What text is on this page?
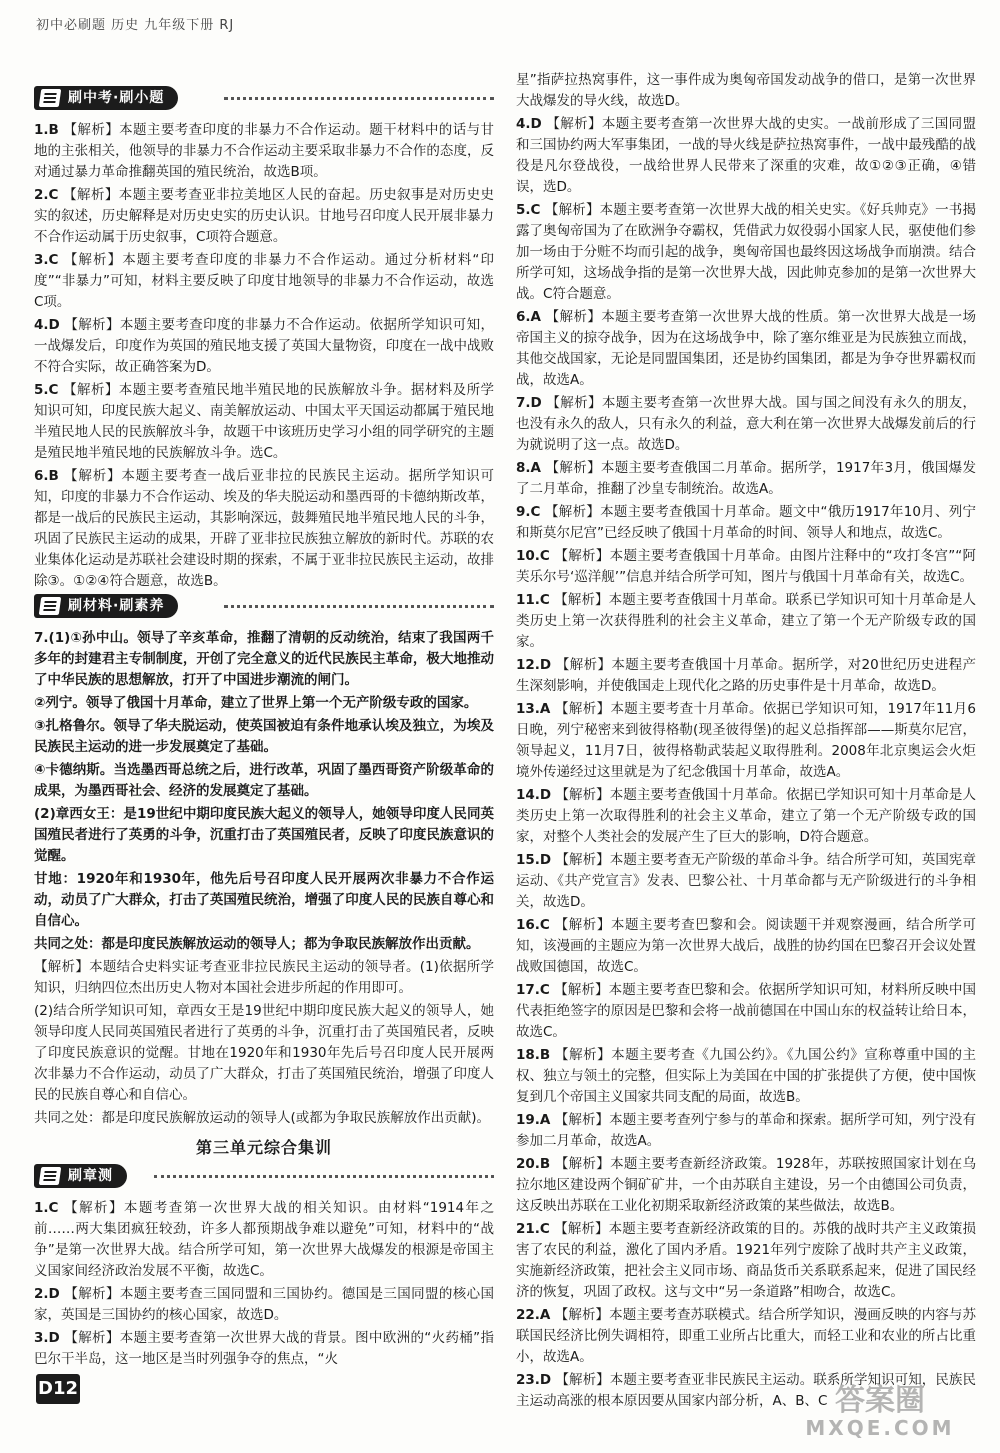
初中必刷题 历史 九年级下册 RJ
刷中考·刷小题
1.B 【解析】本题主要考查印度的非暴力不合作运动。题干材料中的话与甘地的主张相关，他领导的非暴力不合作运动主要采取非暴力不合作的态度，反对通过暴力革命推翻英国的殖民统治，故选B项。
2.C 【解析】本题主要考查亚非拉美地区人民的奋起。历史叙事是对历史史实的叙述，历史解释是对历史史实的历史认识。甘地号召印度人民开展非暴力不合作运动属于历史叙事，C项符合题意。
3.C 【解析】本题主要考查印度的非暴力不合作运动。通过分析材料“印度”“非暴力”可知，材料主要反映了印度甘地领导的非暴力不合作运动，故选C项。
4.D 【解析】本题主要考查印度的非暴力不合作运动。依据所学知识可知，一战爆发后，印度作为英国的殖民地支援了英国大量物资，印度在一战中战败不符合实际，故正确答案为D。
5.C 【解析】本题主要考查殖民地半殖民地的民族解放斗争。据材料及所学知识可知，印度民族大起义、南美解放运动、中国太平天国运动都属于殖民地半殖民地人民的民族解放斗争，故题干中该班历史学习小组的同学研究的主题是殖民地半殖民地的民族解放斗争。选C。
6.B 【解析】本题主要考查一战后亚非拉的民族民主运动。据所学知识可知，印度的非暴力不合作运动、埃及的华夫脱运动和墨西哥的卡德纳斯改革，都是一战后的民族民主运动，其影响深远，鼓舞殖民地半殖民地人民的斗争，巩固了民族民主运动的成果，开辟了亚非拉民族独立解放的新时代。苏联的农业集体化运动是苏联社会建设时期的探索，不属于亚非拉民族民主运动，故排除③。①②④符合题意，故选B。
刷材料·刷素养
7.(1)①孙中山。领导了辛亥革命，推翻了清朝的反动统治，结束了我国两千多年的封建君主专制制度，开创了完全意义的近代民族民主革命，极大地推动了中华民族的思想解放，打开了中国进步潮流的闸门。
②列宁。领导了俄国十月革命，建立了世界上第一个无产阶级专政的国家。
③扎格鲁尔。领导了华夫脱运动，使英国被迫有条件地承认埃及独立，为埃及民族民主运动的进一步发展奠定了基础。
④卡德纳斯。当选墨西哥总统之后，进行改革，巩固了墨西哥资产阶级革命的成果，为墨西哥社会、经济的发展奠定了基础。
(2)章西女王：是19世纪中期印度民族大起义的领导人，她领导印度人民同英国殖民者进行了英勇的斗争，沉重打击了英国殖民者，反映了印度民族意识的觉醒。
甘地：1920年和1930年，他先后号召印度人民开展两次非暴力不合作运动，动员了广大群众，打击了英国殖民统治，增强了印度人民的民族自尊心和自信心。
共同之处：都是印度民族解放运动的领导人；都为争取民族解放作出贡献。
【解析】本题结合史料实证考查亚非拉民族民主运动的领导者。(1)依据所学知识，归纳四位杰出历史人物对本国社会进步所起的作用即可。
(2)结合所学知识可知，章西女王是19世纪中期印度民族大起义的领导人，她领导印度人民同英国殖民者进行了英勇的斗争，沉重打击了英国殖民者，反映了印度民族意识的觉醒。甘地在1920年和1930年先后号召印度人民开展两次非暴力不合作运动，动员了广大群众，打击了英国殖民统治，增强了印度人民的民族自尊心和自信心。
共同之处：都是印度民族解放运动的领导人(或都为争取民族解放作出贡献)。
第三单元综合集训
刷章测
1.C 【解析】本题考查第一次世界大战的相关知识。由材料“1914年之前……两大集团疯狂较劲，许多人都预期战争难以避免”可知，材料中的“战争”是第一次世界大战。结合所学可知，第一次世界大战爆发的根源是帝国主义国家间经济政治发展不平衡，故选C。
2.D 【解析】本题主要考查三国同盟和三国协约。德国是三国同盟的核心国家，英国是三国协约的核心国家，故选D。
3.D 【解析】本题主要考查第一次世界大战的背景。图中欧洲的“火药桶”指巴尔干半岛，这一地区是当时列强争夺的焦点，“火
星”指萨拉热窝事件，这一事件成为奥匈帝国发动战争的借口，是第一次世界大战爆发的导火线，故选D。
4.D 【解析】本题主要考查第一次世界大战的史实。一战前形成了三国同盟和三国协约两大军事集团，一战的导火线是萨拉热窝事件，一战中最残酷的战役是凡尔登战役，一战给世界人民带来了深重的灾难，故①②③正确，④错误，选D。
5.C 【解析】本题主要考查第一次世界大战的相关史实。《好兵帅克》一书揭露了奥匈帝国为了在欧洲争夺霸权，凭借武力奴役弱小国家人民，驱使他们参加一场由于分赃不均而引起的战争，奥匈帝国也最终因这场战争而崩溃。结合所学可知，这场战争指的是第一次世界大战，因此帅克参加的是第一次世界大战。C符合题意。
6.A 【解析】本题主要考查第一次世界大战的性质。第一次世界大战是一场帝国主义的掠夺战争，因为在这场战争中，除了塞尔维亚是为民族独立而战，其他交战国家，无论是同盟国集团，还是协约国集团，都是为争夺世界霸权而战，故选A。
7.D 【解析】本题主要考查第一次世界大战。国与国之间没有永久的朋友，也没有永久的敌人，只有永久的利益，意大利在第一次世界大战爆发前后的行为就说明了这一点。故选D。
8.A 【解析】本题主要考查俄国二月革命。据所学，1917年3月，俄国爆发了二月革命，推翻了沙皇专制统治。故选A。
9.C 【解析】本题主要考查俄国十月革命。题文中“俄历1917年10月、列宁和斯莫尔尼宫”已经反映了俄国十月革命的时间、领导人和地点，故选C。
10.C 【解析】本题主要考查俄国十月革命。由图片注释中的“攻打冬宫”“阿芙乐尔号‘巡洋舰’”信息并结合所学可知，图片与俄国十月革命有关，故选C。
11.C 【解析】本题主要考查俄国十月革命。联系已学知识可知十月革命是人类历史上第一次获得胜利的社会主义革命，建立了第一个无产阶级专政的国家。
12.D 【解析】本题主要考查俄国十月革命。据所学，对20世纪历史进程产生深刻影响，并使俄国走上现代化之路的历史事件是十月革命，故选D。
13.A 【解析】本题主要考查十月革命。依据已学知识可知，1917年11月6日晚，列宁秘密来到彼得格勒(现圣彼得堡)的起义总指挥部——斯莫尔尼宫，领导起义，11月7日，彼得格勒武装起义取得胜利。2008年北京奥运会火炬境外传递经过这里就是为了纪念俄国十月革命，故选A。
14.D 【解析】本题主要考查俄国十月革命。依据已学知识可知十月革命是人类历史上第一次取得胜利的社会主义革命，建立了第一个无产阶级专政的国家，对整个人类社会的发展产生了巨大的影响，D符合题意。
15.D 【解析】本题主要考查无产阶级的革命斗争。结合所学可知，英国宪章运动、《共产党宣言》发表、巴黎公社、十月革命都与无产阶级进行的斗争相关，故选D。
16.C 【解析】本题主要考查巴黎和会。阅读题干并观察漫画，结合所学可知，该漫画的主题应为第一次世界大战后，战胜的协约国在巴黎召开会议处置战败国德国，故选C。
17.C 【解析】本题主要考查巴黎和会。依据所学知识可知，材料所反映中国代表拒绝签字的原因是巴黎和会将一战前德国在中国山东的权益转让给日本，故选C。
18.B 【解析】本题主要考查《九国公约》。《九国公约》宣称尊重中国的主权、独立与领土的完整，但实际上为美国在中国的扩张提供了方便，使中国恢复到几个帝国主义国家共同支配的局面，故选B。
19.A 【解析】本题主要考查列宁参与的革命和探索。据所学可知，列宁没有参加二月革命，故选A。
20.B 【解析】本题主要考查新经济政策。1928年，苏联按照国家计划在乌拉尔地区建设两个铜矿矿井，一个由苏联自主建设，另一个由德国公司负责，这反映出苏联在工业化初期采取新经济政策的某些做法，故选B。
21.C 【解析】本题主要考查新经济政策的目的。苏俄的战时共产主义政策损害了农民的利益，激化了国内矛盾。1921年列宁废除了战时共产主义政策，实施新经济政策，把社会主义同市场、商品货币关系联系起来，促进了国民经济的恢复，巩固了政权。这与文中“另一条道路”相吻合，故选C。
22.A 【解析】本题主要考查苏联模式。结合所学知识，漫画反映的内容与苏联国民经济比例失调相符，即重工业所占比重大，而轻工业和农业的所占比重小，故选A。
23.D 【解析】本题主要考查亚非民族民主运动。联系所学知识可知，民族民主运动高涨的根本原因要从国家内部分析，A、B、C
D12	答案圈
MXQE.COM
